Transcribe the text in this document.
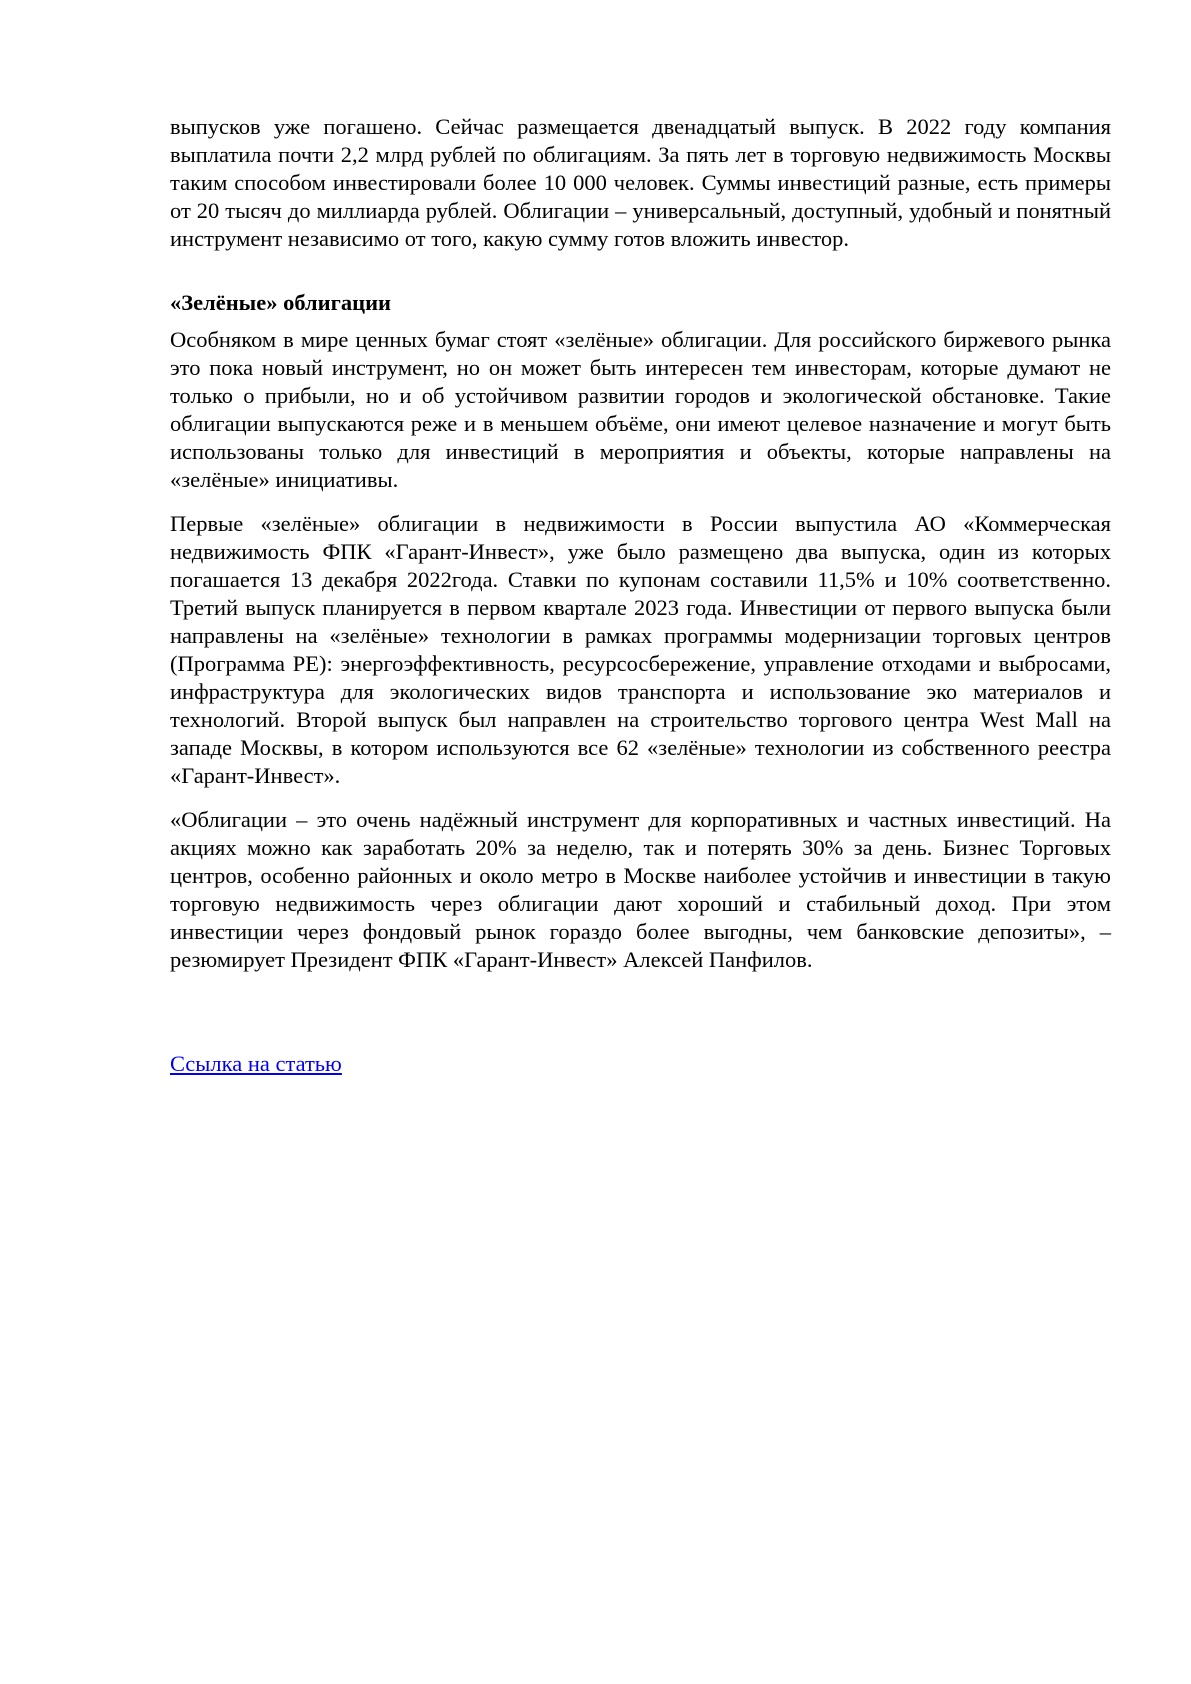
выпусков уже погашено. Сейчас размещается двенадцатый выпуск. В 2022 году компания выплатила почти 2,2 млрд рублей по облигациям. За пять лет в торговую недвижимость Москвы таким способом инвестировали более 10 000 человек. Суммы инвестиций разные, есть примеры от 20 тысяч до миллиарда рублей. Облигации – универсальный, доступный, удобный и понятный инструмент независимо от того, какую сумму готов вложить инвестор.

«Зелёные» облигации

Особняком в мире ценных бумаг стоят «зелёные» облигации. Для российского биржевого рынка это пока новый инструмент, но он может быть интересен тем инвесторам, которые думают не только о прибыли, но и об устойчивом развитии городов и экологической обстановке. Такие облигации выпускаются реже и в меньшем объёме, они имеют целевое назначение и могут быть использованы только для инвестиций в мероприятия и объекты, которые направлены на «зелёные» инициативы.

Первые «зелёные» облигации в недвижимости в России выпустила АО «Коммерческая недвижимость ФПК «Гарант-Инвест», уже было размещено два выпуска, один из которых погашается 13 декабря 2022года. Ставки по купонам составили 11,5% и 10% соответственно. Третий выпуск планируется в первом квартале 2023 года. Инвестиции от первого выпуска были направлены на «зелёные» технологии в рамках программы модернизации торговых центров (Программа РЕ): энергоэффективность, ресурсосбережение, управление отходами и выбросами, инфраструктура для экологических видов транспорта и использование эко материалов и технологий. Второй выпуск был направлен на строительство торгового центра West Mall на западе Москвы, в котором используются все 62 «зелёные» технологии из собственного реестра «Гарант-Инвест».

«Облигации – это очень надёжный инструмент для корпоративных и частных инвестиций. На акциях можно как заработать 20% за неделю, так и потерять 30% за день. Бизнес Торговых центров, особенно районных и около метро в Москве наиболее устойчив и инвестиции в такую торговую недвижимость через облигации дают хороший и стабильный доход. При этом инвестиции через фондовый рынок гораздо более выгодны, чем банковские депозиты», – резюмирует Президент ФПК «Гарант-Инвест» Алексей Панфилов.

Ссылка на статью
